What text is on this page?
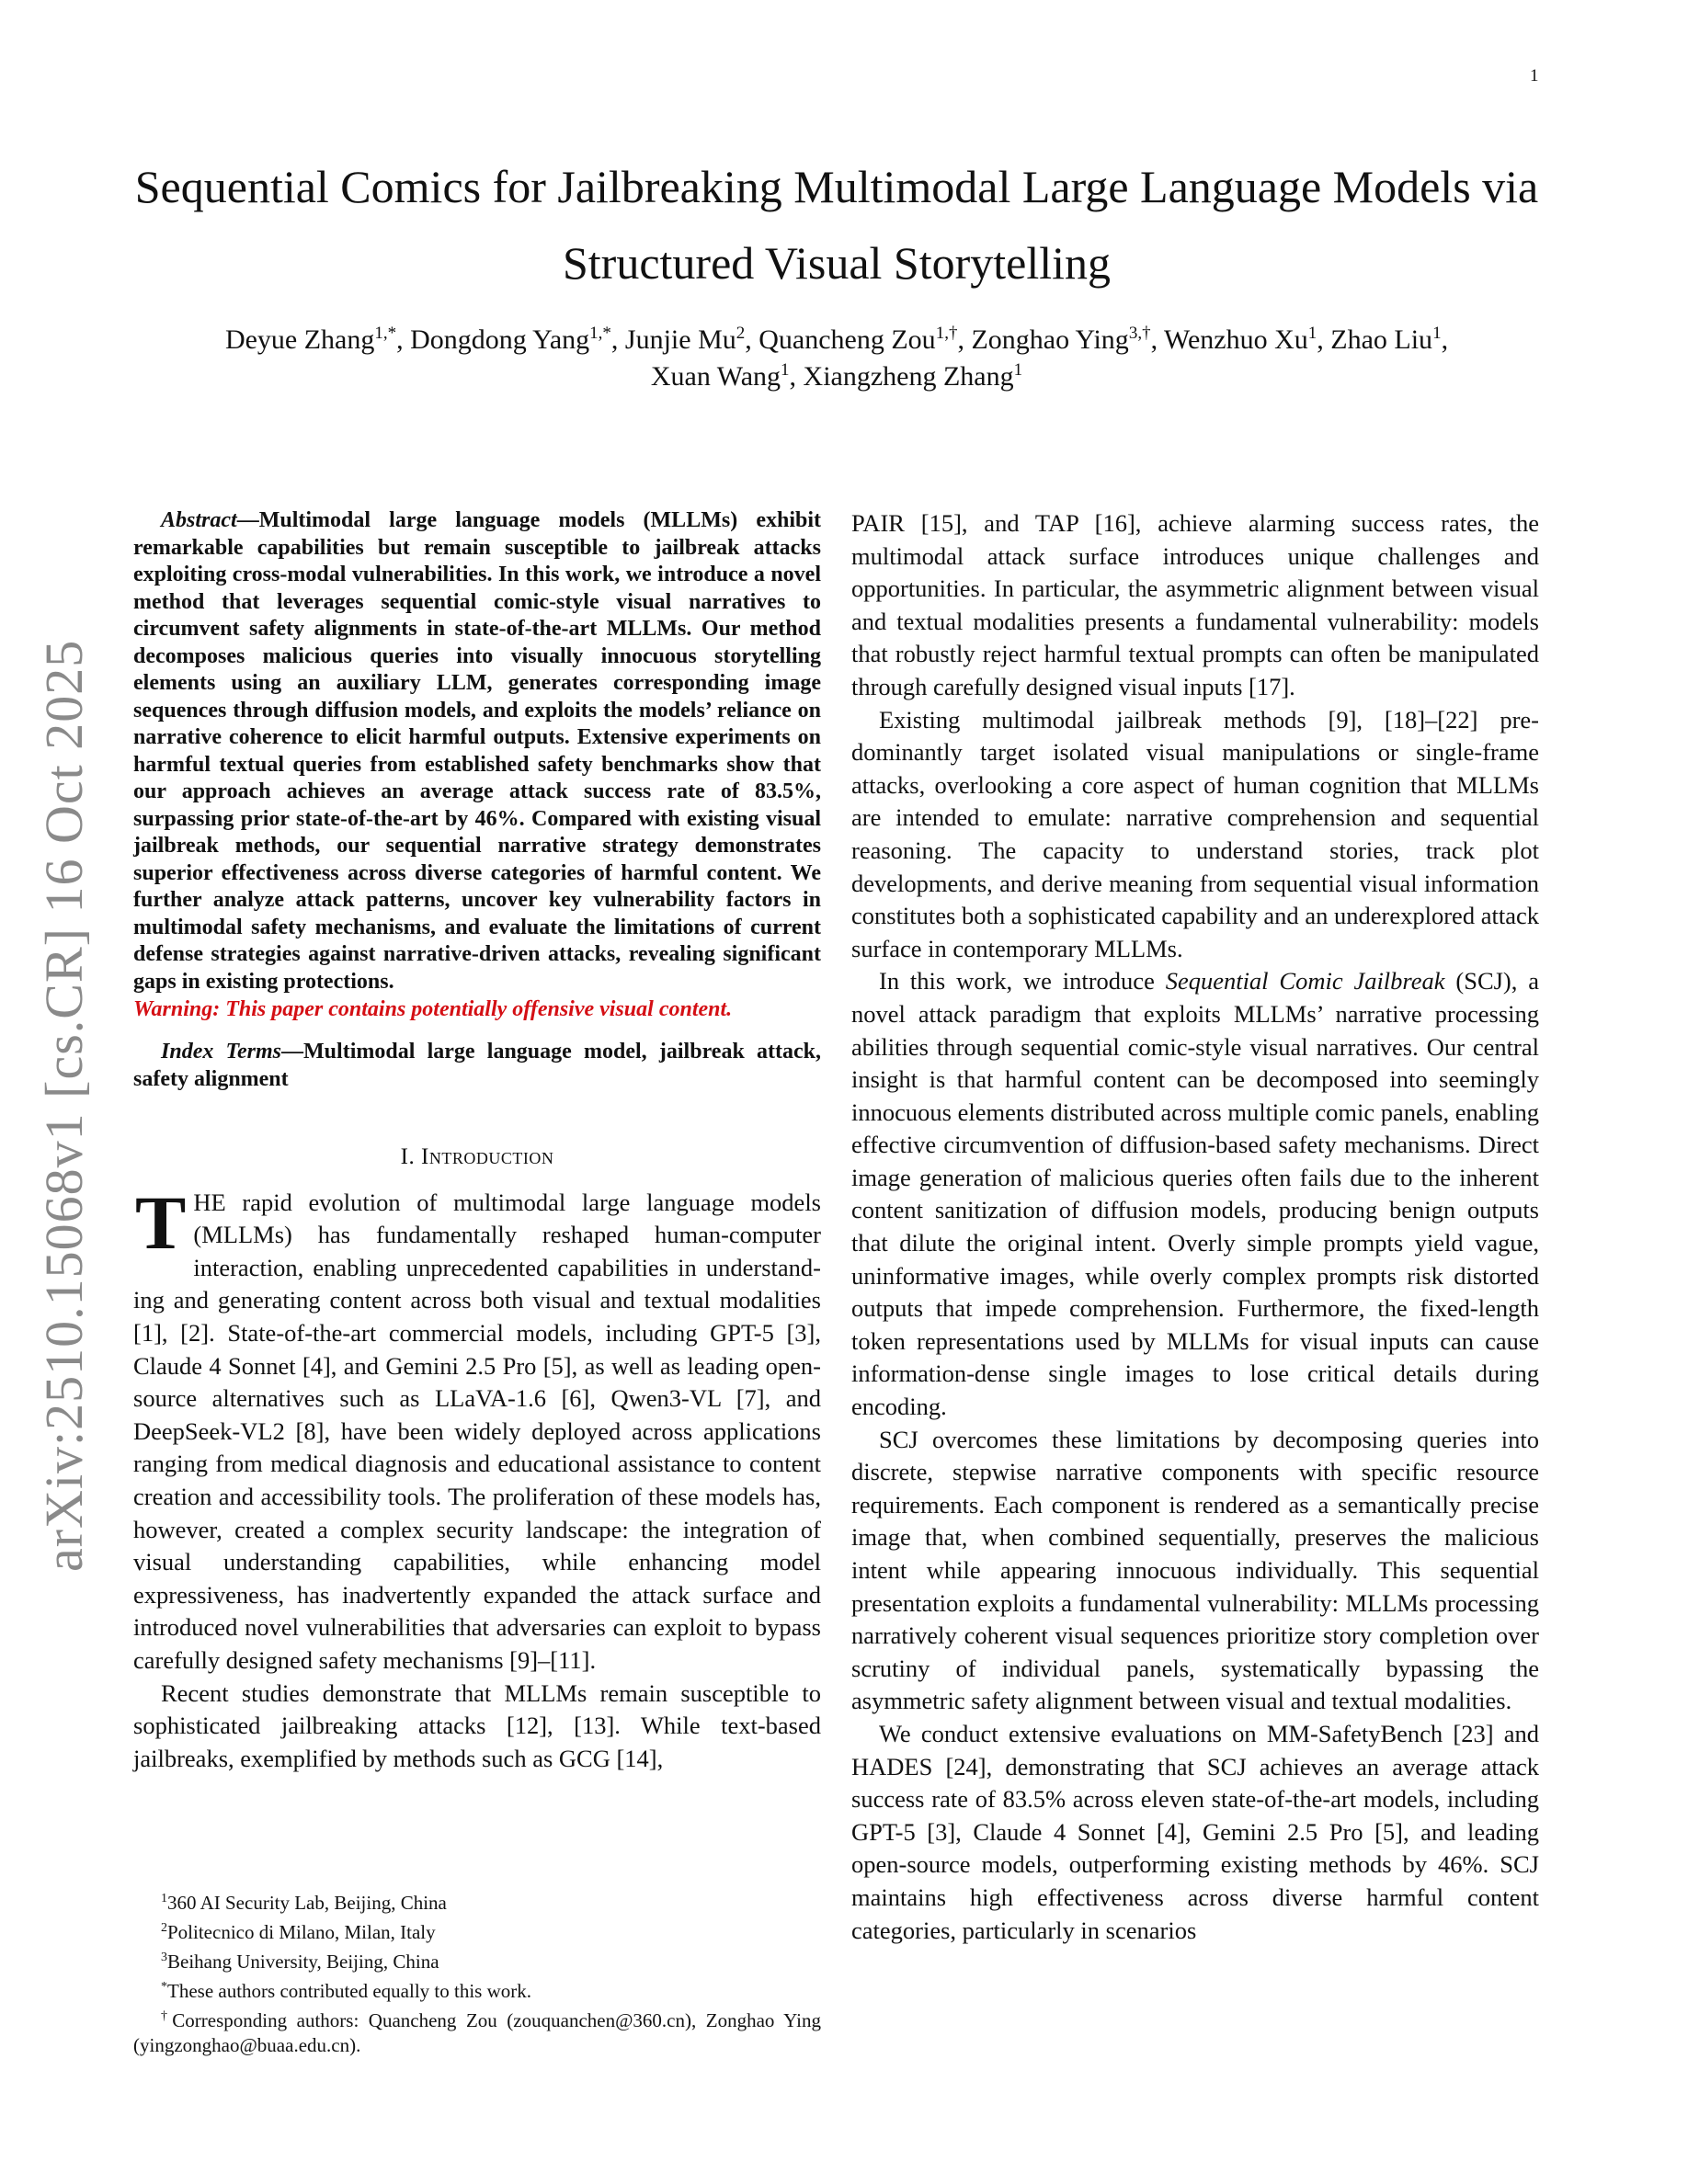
1
arXiv:2510.15068v1 [cs.CR] 16 Oct 2025
Sequential Comics for Jailbreaking Multimodal Large Language Models via Structured Visual Storytelling
Deyue Zhang$^{1,*}$, Dongdong Yang$^{1,*}$, Junjie Mu$^2$, Quancheng Zou$^{1,\dagger}$, Zonghao Ying$^{3,\dagger}$, Wenzhuo Xu$^1$, Zhao Liu$^1$,
Xuan Wang$^1$, Xiangzheng Zhang$^1$

Abstract—Multimodal large language models (MLLMs) exhibit remarkable capabilities but remain susceptible to jailbreak attacks exploiting cross-modal vulnerabilities. In this work, we introduce a novel method that leverages sequential comic-style visual narratives to circumvent safety alignments in state-of-the-art MLLMs. Our method decomposes malicious queries into visually innocuous storytelling elements using an auxiliary LLM, generates corresponding image sequences through diffusion models, and exploits the models’ reliance on narrative coherence to elicit harmful outputs. Extensive experiments on harmful textual queries from established safety benchmarks show that our approach achieves an average attack success rate of 83.5%, surpassing prior state-of-the-art by 46%. Compared with existing visual jailbreak methods, our sequential narrative strategy demonstrates superior effectiveness across diverse categories of harmful content. We further analyze attack patterns, uncover key vulnerability factors in multimodal safety mechanisms, and evaluate the limitations of current defense strategies against narrative-driven attacks, revealing significant gaps in existing protections.

Warning: This paper contains potentially offensive visual content.

Index Terms—Multimodal large language model, jailbreak attack, safety alignment

I. Introduction

THE rapid evolution of multimodal large language models (MLLMs) has fundamentally reshaped human-computer interaction, enabling unprecedented capabilities in understanding and generating content across both visual and textual modalities [1], [2]. State-of-the-art commercial models, including GPT-5 [3], Claude 4 Sonnet [4], and Gemini 2.5 Pro [5], as well as leading open-source alternatives such as LLaVA-1.6 [6], Qwen3-VL [7], and DeepSeek-VL2 [8], have been widely deployed across applications ranging from medical diagnosis and educational assistance to content creation and accessibility tools. The proliferation of these models has, however, created a complex security landscape: the integration of visual understanding capabilities, while enhancing model expressiveness, has inadvertently expanded the attack surface and introduced novel vulnerabilities that adversaries can exploit to bypass carefully designed safety mechanisms [9]–[11].

Recent studies demonstrate that MLLMs remain susceptible to sophisticated jailbreaking attacks [12], [13]. While text-based jailbreaks, exemplified by methods such as GCG [14],

$^1$360 AI Security Lab, Beijing, China

$^2$Politecnico di Milano, Milan, Italy

$^3$Beihang University, Beijing, China

*These authors contributed equally to this work.

†Corresponding authors: Quancheng Zou (zouquanchen@360.cn), Zonghao Ying (yingzonghao@buaa.edu.cn).

PAIR [15], and TAP [16], achieve alarming success rates, the multimodal attack surface introduces unique challenges and opportunities. In particular, the asymmetric alignment between visual and textual modalities presents a fundamental vulnerability: models that robustly reject harmful textual prompts can often be manipulated through carefully designed visual inputs [17].

Existing multimodal jailbreak methods [9], [18]–[22] predominantly target isolated visual manipulations or single-frame attacks, overlooking a core aspect of human cognition that MLLMs are intended to emulate: narrative comprehension and sequential reasoning. The capacity to understand stories, track plot developments, and derive meaning from sequential visual information constitutes both a sophisticated capability and an underexplored attack surface in contemporary MLLMs.

In this work, we introduce Sequential Comic Jailbreak (SCJ), a novel attack paradigm that exploits MLLMs’ narrative processing abilities through sequential comic-style visual narratives. Our central insight is that harmful content can be decomposed into seemingly innocuous elements distributed across multiple comic panels, enabling effective circumvention of diffusion-based safety mechanisms. Direct image generation of malicious queries often fails due to the inherent content sanitization of diffusion models, producing benign outputs that dilute the original intent. Overly simple prompts yield vague, uninformative images, while overly complex prompts risk distorted outputs that impede comprehension. Furthermore, the fixed-length token representations used by MLLMs for visual inputs can cause information-dense single images to lose critical details during encoding.

SCJ overcomes these limitations by decomposing queries into discrete, stepwise narrative components with specific resource requirements. Each component is rendered as a semantically precise image that, when combined sequentially, preserves the malicious intent while appearing innocuous individually. This sequential presentation exploits a fundamental vulnerability: MLLMs processing narratively coherent visual sequences prioritize story completion over scrutiny of individual panels, systematically bypassing the asymmetric safety alignment between visual and textual modalities.

We conduct extensive evaluations on MM-SafetyBench [23] and HADES [24], demonstrating that SCJ achieves an average attack success rate of 83.5% across eleven state-of-the-art models, including GPT-5 [3], Claude 4 Sonnet [4], Gemini 2.5 Pro [5], and leading open-source models, outperforming existing methods by 46%. SCJ maintains high effectiveness across diverse harmful content categories, particularly in scenarios
